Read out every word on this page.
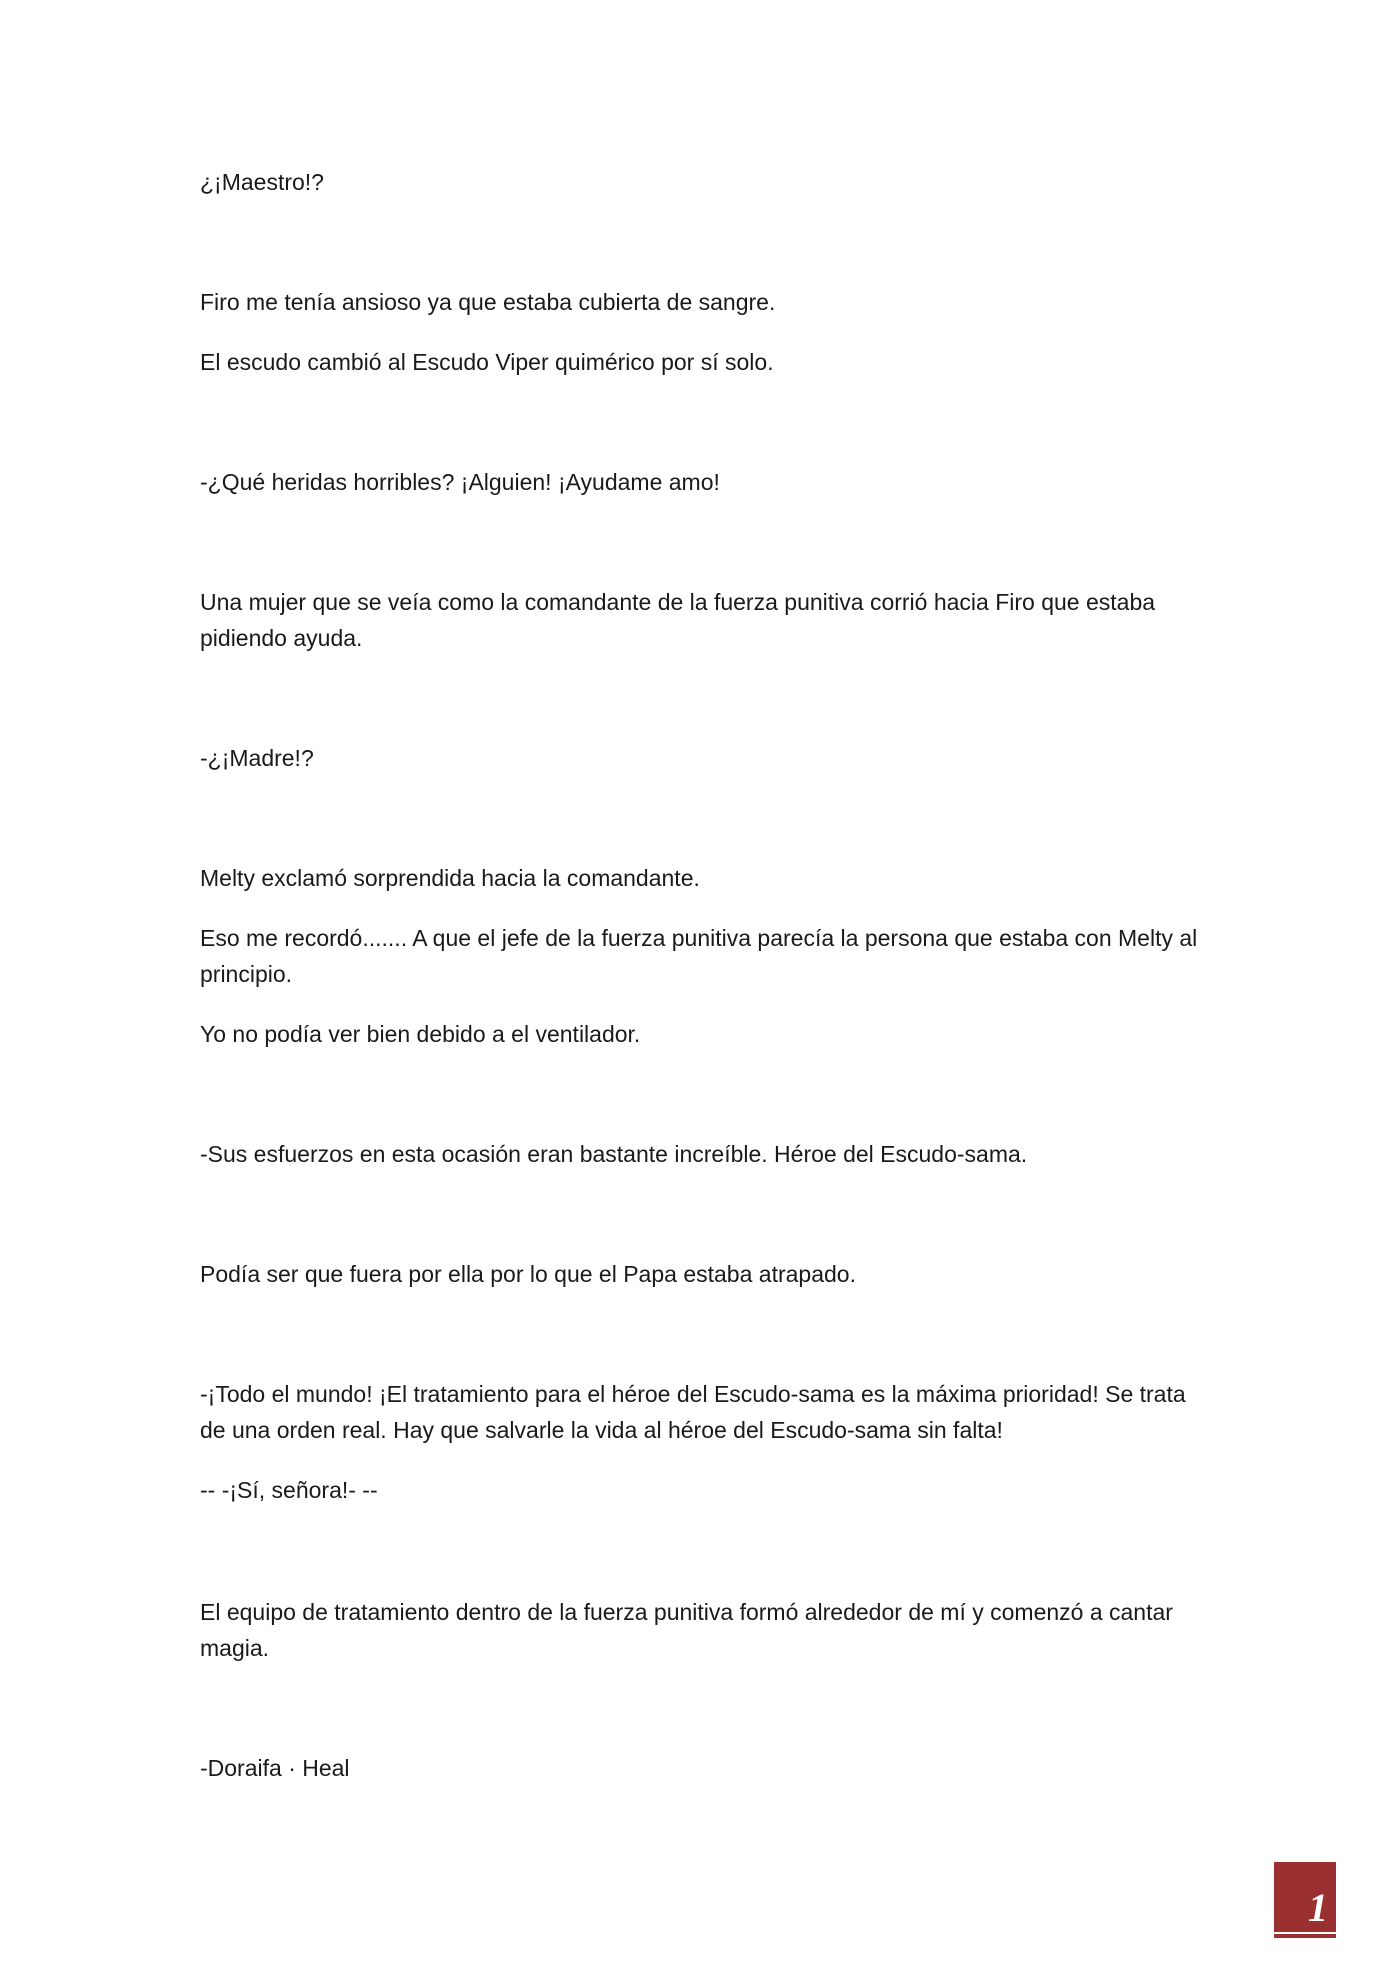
¿¡Maestro!?

Firo me tenía ansioso ya que estaba cubierta de sangre.

El escudo cambió al Escudo Viper quimérico por sí solo.

-¿Qué heridas horribles? ¡Alguien! ¡Ayudame amo!

Una mujer que se veía como la comandante de la fuerza punitiva corrió hacia Firo que estaba pidiendo ayuda.

-¿¡Madre!?

Melty exclamó sorprendida hacia la comandante.

Eso me recordó....... A que el jefe de la fuerza punitiva parecía la persona que estaba con Melty al principio.

Yo no podía ver bien debido a el ventilador.

-Sus esfuerzos en esta ocasión eran bastante increíble. Héroe del Escudo-sama.

Podía ser que fuera por ella por lo que el Papa estaba atrapado.

-¡Todo el mundo! ¡El tratamiento para el héroe del Escudo-sama es la máxima prioridad! Se trata de una orden real. Hay que salvarle la vida al héroe del Escudo-sama sin falta!

-- -¡Sí, señora!- --

El equipo de tratamiento dentro de la fuerza punitiva formó alrededor de mí y comenzó a cantar magia.

-Doraifa · Heal

1
